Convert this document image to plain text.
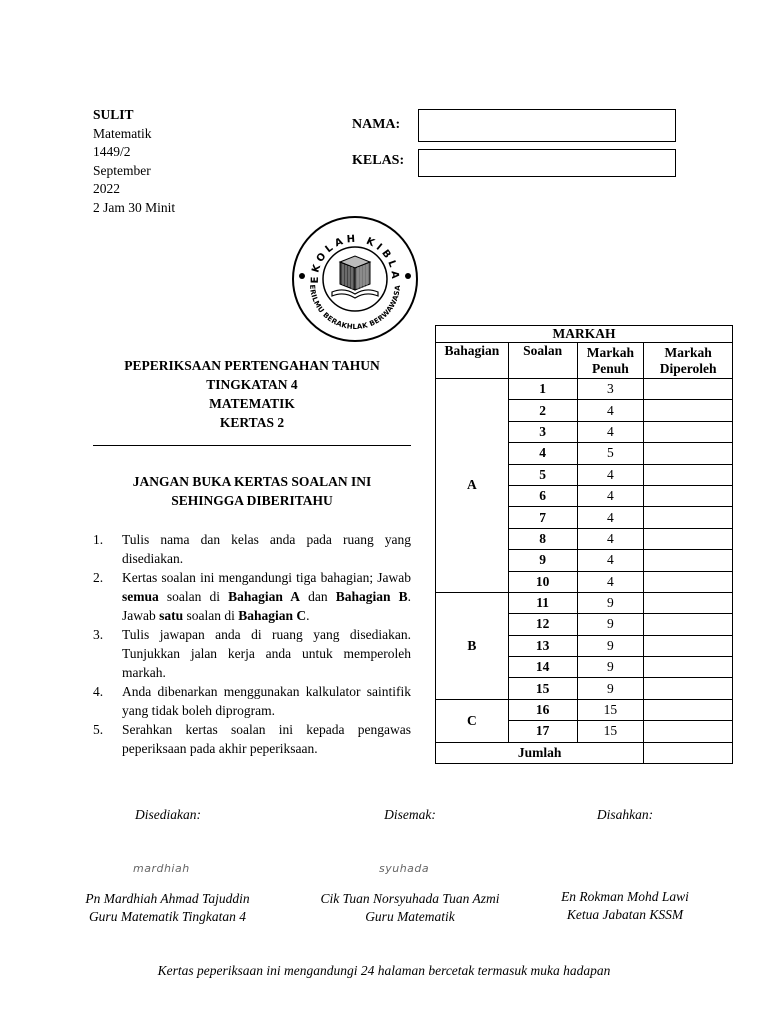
SULIT
Matematik
1449/2
September
2022
2 Jam 30 Minit
NAMA:
KELAS:
EKOLAH KIBLA
ERILMU BERAKHLAK BERWAWASA
PEPERIKSAAN PERTENGAHAN TAHUN
TINGKATAN 4
MATEMATIK
KERTAS 2
JANGAN BUKA KERTAS SOALAN INI
SEHINGGA DIBERITAHU
1. Tulis nama dan kelas anda pada ruang yang disediakan.
2. Kertas soalan ini mengandungi tiga bahagian; Jawab semua soalan di Bahagian A dan Bahagian B. Jawab satu soalan di Bahagian C.
3. Tulis jawapan anda di ruang yang disediakan. Tunjukkan jalan kerja anda untuk memperoleh markah.
4. Anda dibenarkan menggunakan kalkulator saintifik yang tidak boleh diprogram.
5. Serahkan kertas soalan ini kepada pengawas peperiksaan pada akhir peperiksaan.
MARKAH			
Bahagian	Soalan	Markah Penuh	Markah Diperoleh
A	1	3	
	2	4	
	3	4	
	4	5	
	5	4	
	6	4	
	7	4	
	8	4	
	9	4	
	10	4	
B	11	9	
	12	9	
	13	9	
	14	9	
	15	9	
C	16	15	
	17	15	
Jumlah			
Disediakan:	Disemak:	Disahkan:
mardhiah	syuhada
Pn Mardhiah Ahmad Tajuddin
Guru Matematik Tingkatan 4
Cik Tuan Norsyuhada Tuan Azmi
Guru Matematik
En Rokman Mohd Lawi
Ketua Jabatan KSSM
Kertas peperiksaan ini mengandungi 24 halaman bercetak termasuk muka hadapan
